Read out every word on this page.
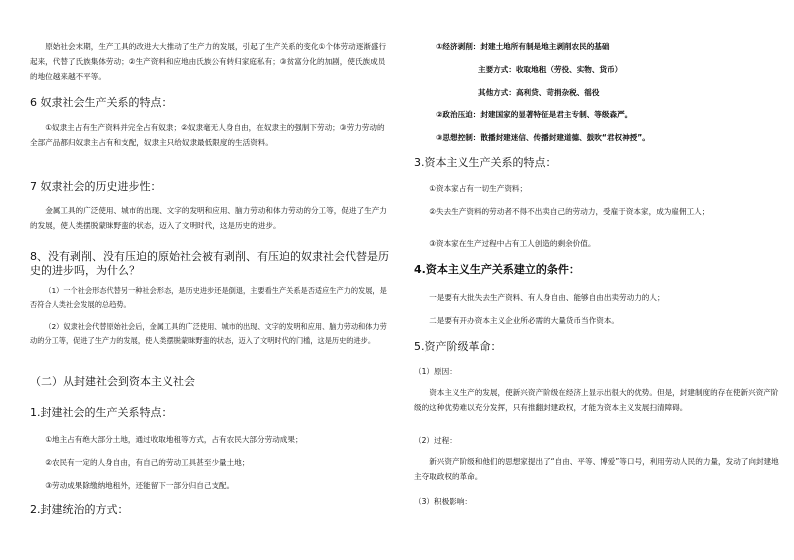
原始社会末期，生产工具的改进大大推动了生产力的发展，引起了生产关系的变化①个体劳动逐渐盛行起来，代替了氏族集体劳动；②生产资料和应地由氏族公有转归家庭私有；③贫富分化的加剧，使氏族成员的地位越来越不平等。
6 奴隶社会生产关系的特点：
①奴隶主占有生产资料并完全占有奴隶；②奴隶毫无人身自由，在奴隶主的强制下劳动；③劳力劳动的全部产品都归奴隶主占有和支配，奴隶主只给奴隶最低限度的生活资料。
7 奴隶社会的历史进步性：
金属工具的广泛使用、城市的出现、文字的发明和应用、脑力劳动和体力劳动的分工等，促进了生产力的发展，使人类摆脱蒙昧野蛮的状态，迈入了文明时代，这是历史的进步。
8、没有剥削、没有压迫的原始社会被有剥削、有压迫的奴隶社会代替是历史的进步吗，为什么？
（1）一个社会形态代替另一种社会形态，是历史进步还是倒退，主要看生产关系是否适应生产力的发展，是否符合人类社会发展的总趋势。
（2）奴隶社会代替原始社会后，金属工具的广泛使用、城市的出现、文字的发明和应用、脑力劳动和体力劳动的分工等，促进了生产力的发展，使人类摆脱蒙昧野蛮的状态，迈入了文明时代的门槛，这是历史的进步。
（二）从封建社会到资本主义社会
1.封建社会的生产关系特点：
①地主占有绝大部分土地，通过收取地租等方式，占有农民大部分劳动成果；
②农民有一定的人身自由，有自己的劳动工具甚至少量土地；
③劳动成果除缴纳地租外，还能留下一部分归自己支配。
2.封建统治的方式：
①经济剥削：封建土地所有制是地主剥削农民的基础
主要方式：收取地租（劳役、实物、货币）
其他方式：高利贷、苛捐杂税、徭役
②政治压迫：封建国家的显著特征是君主专制、等级森严。
③思想控制：散播封建迷信、传播封建道德、鼓吹“君权神授”。
3.资本主义生产关系的特点：
①资本家占有一切生产资料；
②失去生产资料的劳动者不得不出卖自己的劳动力，受雇于资本家，成为雇佣工人；
③资本家在生产过程中占有工人创造的剩余价值。
4.资本主义生产关系建立的条件：
一是要有大批失去生产资料、有人身自由、能够自由出卖劳动力的人；
二是要有开办资本主义企业所必需的大量货币当作资本。
5.资产阶级革命：
（1）原因：
资本主义生产的发展，使新兴资产阶级在经济上显示出很大的优势。但是，封建制度的存在使新兴资产阶级的这种优势难以充分发挥，只有推翻封建政权，才能为资本主义发展扫清障碍。
（2）过程：
新兴资产阶级和他们的思想家提出了“自由、平等、博爱”等口号，利用劳动人民的力量，发动了向封建地主夺取政权的革命。
（3）积极影响：
